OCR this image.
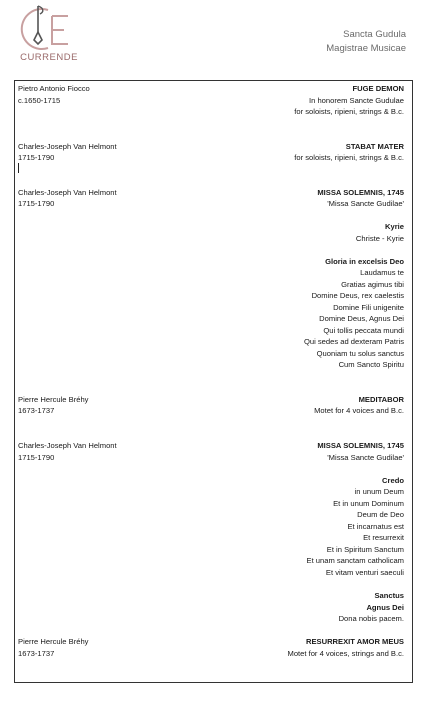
CURRENDE
Sancta Gudula
Magistrae Musicae
Pietro Antonio Fiocco
c.1650-1715
FUGE DEMON
In honorem Sancte Gudulae
for soloists, ripieni, strings & B.c.
Charles-Joseph Van Helmont
1715-1790
STABAT MATER
for soloists, ripieni, strings & B.c.
Charles-Joseph Van Helmont
1715-1790
MISSA SOLEMNIS, 1745
'Missa Sancte Gudilae'
Kyrie
Christe - Kyrie
Gloria in excelsis Deo
Laudamus te
Gratias agimus tibi
Domine Deus, rex caelestis
Domine Fili unigenite
Domine Deus, Agnus Dei
Qui tollis peccata mundi
Qui sedes ad dexteram Patris
Quoniam tu solus sanctus
Cum Sancto Spiritu
Pierre Hercule Bréhy
1673-1737
MEDITABOR
Motet for 4 voices and B.c.
Charles-Joseph Van Helmont
1715-1790
MISSA SOLEMNIS, 1745
'Missa Sancte Gudilae'
Credo
in unum Deum
Et in unum Dominum
Deum de Deo
Et incarnatus est
Et resurrexit
Et in Spiritum Sanctum
Et unam sanctam catholicam
Et vitam venturi saeculi
Sanctus
Agnus Dei
Dona nobis pacem.
Pierre Hercule Bréhy
1673-1737
RESURREXIT AMOR MEUS
Motet for 4 voices, strings and B.c.
